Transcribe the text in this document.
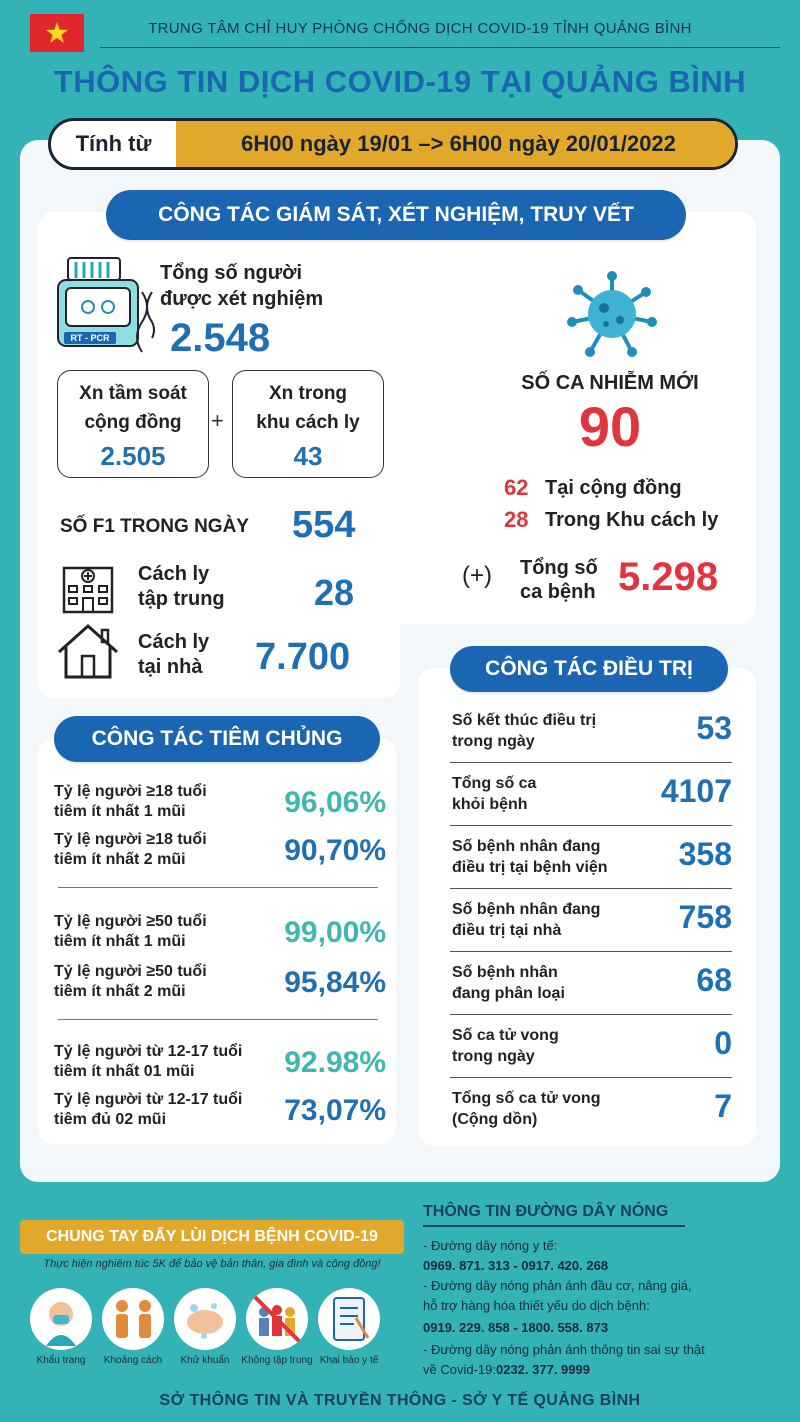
TRUNG TÂM CHỈ HUY PHÒNG CHỐNG DỊCH COVID-19 TỈNH QUẢNG BÌNH
THÔNG TIN DỊCH COVID-19 TẠI QUẢNG BÌNH
Tính từ	6H00 ngày 19/01 –> 6H00 ngày 20/01/2022
CÔNG TÁC GIÁM SÁT, XÉT NGHIỆM, TRUY VẾT
RT - PCR
Tổng số người
được xét nghiệm
2.548
Xn tầm soát
cộng đồng
2.505
+
Xn trong
khu cách ly
43
SỐ F1 TRONG NGÀY 554
Cách ly
tập trung 28
Cách ly
tại nhà 7.700
SỐ CA NHIỄM MỚI
90
62 Tại cộng đồng
28 Trong Khu cách ly
(+) Tổng số
ca bệnh 5.298
CÔNG TÁC ĐIỀU TRỊ
Số kết thúc điều trị
trong ngày	53
Tổng số ca
khỏi bệnh	4107
Số bệnh nhân đang
điều trị tại bệnh viện	358
Số bệnh nhân đang
điều trị tại nhà	758
Số bệnh nhân
đang phân loại	68
Số ca tử vong
trong ngày	0
Tổng số ca tử vong
(Cộng dồn)	7
CÔNG TÁC TIÊM CHỦNG
Tỷ lệ người ≥18 tuổi
tiêm ít nhất 1 mũi	96,06%
Tỷ lệ người ≥18 tuổi
tiêm ít nhất 2 mũi	90,70%
Tỷ lệ người ≥50 tuổi
tiêm ít nhất 1 mũi	99,00%
Tỷ lệ người ≥50 tuổi
tiêm ít nhất 2 mũi	95,84%
Tỷ lệ người từ 12-17 tuổi
tiêm ít nhất 01 mũi	92.98%
Tỷ lệ người từ 12-17 tuổi
tiêm đủ 02 mũi	73,07%
CHUNG TAY ĐẨY LÙI DỊCH BỆNH COVID-19
Thực hiện nghiêm túc 5K để bảo vệ bản thân, gia đình và cộng đồng!
Khẩu trang	Khoảng cách	Khử khuẩn	Không tập trung Khai báo y tế
THÔNG TIN ĐƯỜNG DÂY NÓNG
- Đường dây nóng y tế:
0969. 871. 313 - 0917. 420. 268
- Đường dây nóng phản ánh đầu cơ, nâng giá,
hỗ trợ hàng hóa thiết yếu do dịch bệnh:
0919. 229. 858 - 1800. 558. 873
- Đường dây nóng phản ánh thông tin sai sự thật
về Covid-19:0232. 377. 9999
SỞ THÔNG TIN VÀ TRUYỀN THÔNG - SỞ Y TẾ QUẢNG BÌNH
